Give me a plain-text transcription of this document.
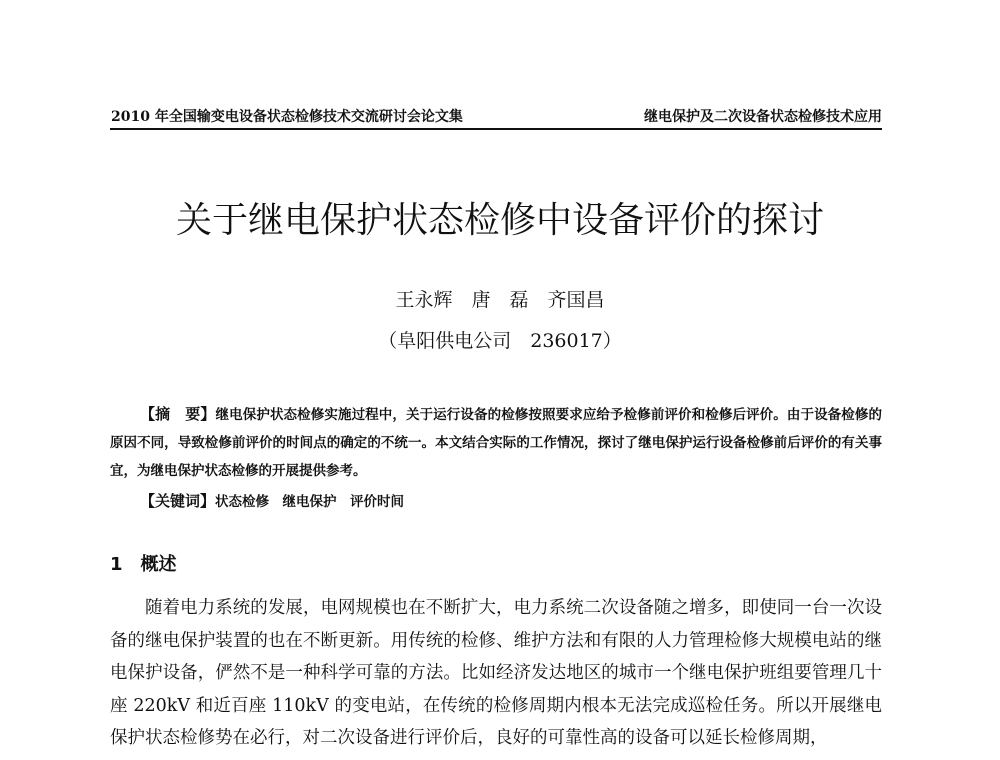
2010 年全国输变电设备状态检修技术交流研讨会论文集	继电保护及二次设备状态检修技术应用
关于继电保护状态检修中设备评价的探讨
王永辉　唐　磊　齐国昌
（阜阳供电公司　236017）
【摘　要】继电保护状态检修实施过程中，关于运行设备的检修按照要求应给予检修前评价和检修后评价。由于设备检修的原因不同，导致检修前评价的时间点的确定的不统一。本文结合实际的工作情况，探讨了继电保护运行设备检修前后评价的有关事宜，为继电保护状态检修的开展提供参考。
【关键词】状态检修　继电保护　评价时间
1　概述
随着电力系统的发展，电网规模也在不断扩大，电力系统二次设备随之增多，即使同一台一次设备的继电保护装置的也在不断更新。用传统的检修、维护方法和有限的人力管理检修大规模电站的继电保护设备，俨然不是一种科学可靠的方法。比如经济发达地区的城市一个继电保护班组要管理几十座 220kV 和近百座 110kV 的变电站，在传统的检修周期内根本无法完成巡检任务。所以开展继电保护状态检修势在必行，对二次设备进行评价后，良好的可靠性高的设备可以延长检修周期，
